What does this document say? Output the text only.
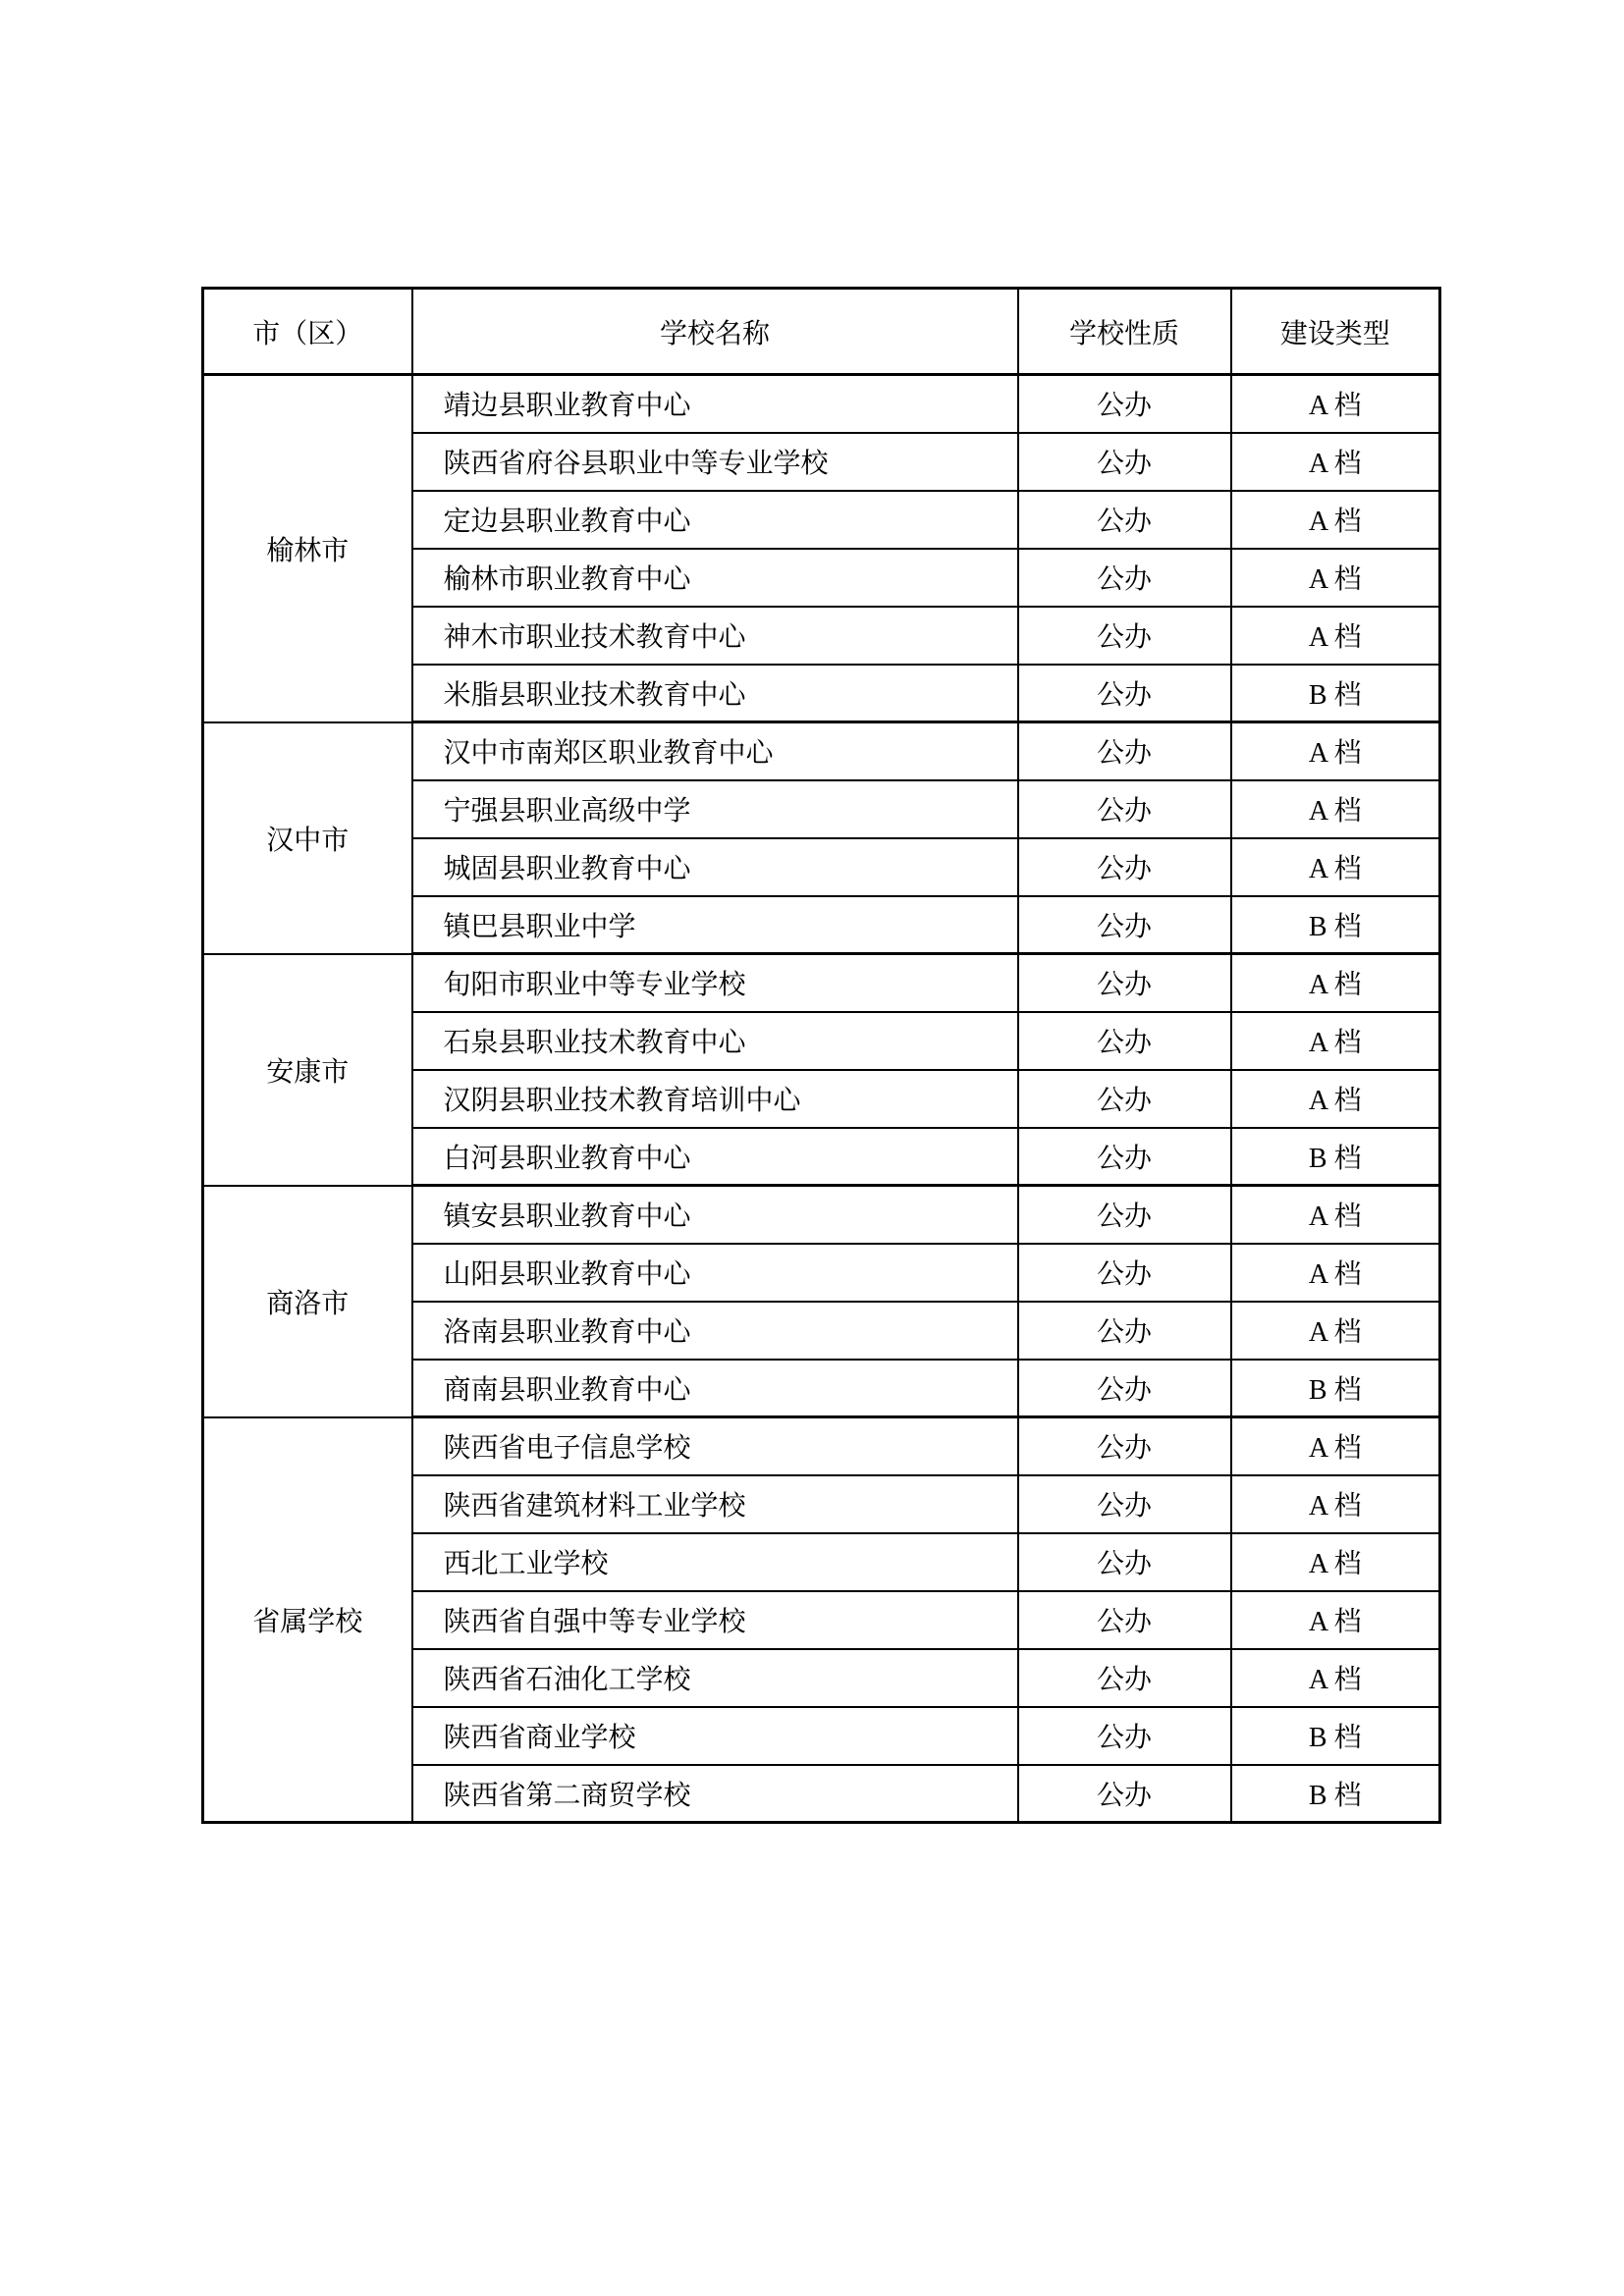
市（区）	学校名称	学校性质	建设类型
榆林市	靖边县职业教育中心	公办	A 档
	陕西省府谷县职业中等专业学校	公办	A 档
	定边县职业教育中心	公办	A 档
	榆林市职业教育中心	公办	A 档
	神木市职业技术教育中心	公办	A 档
	米脂县职业技术教育中心	公办	B 档
汉中市	汉中市南郑区职业教育中心	公办	A 档
	宁强县职业高级中学	公办	A 档
	城固县职业教育中心	公办	A 档
	镇巴县职业中学	公办	B 档
安康市	旬阳市职业中等专业学校	公办	A 档
	石泉县职业技术教育中心	公办	A 档
	汉阴县职业技术教育培训中心	公办	A 档
	白河县职业教育中心	公办	B 档
商洛市	镇安县职业教育中心	公办	A 档
	山阳县职业教育中心	公办	A 档
	洛南县职业教育中心	公办	A 档
	商南县职业教育中心	公办	B 档
省属学校	陕西省电子信息学校	公办	A 档
	陕西省建筑材料工业学校	公办	A 档
	西北工业学校	公办	A 档
	陕西省自强中等专业学校	公办	A 档
	陕西省石油化工学校	公办	A 档
	陕西省商业学校	公办	B 档
	陕西省第二商贸学校	公办	B 档
